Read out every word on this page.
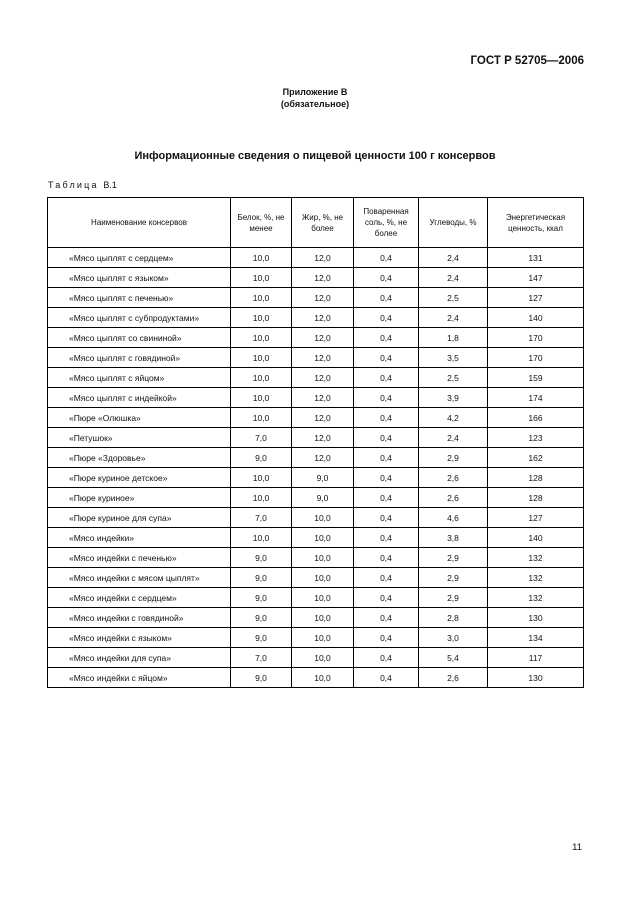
ГОСТ Р 52705—2006
Приложение В
(обязательное)
Информационные сведения о пищевой ценности 100 г консервов
Таблица В.1
Наименование консервов	Белок, %, не менее	Жир, %, не более	Поваренная соль, %, не более	Углеводы, %	Энергетическая ценность, ккал
«Мясо цыплят с сердцем»	10,0	12,0	0,4	2,4	131
«Мясо цыплят с языком»	10,0	12,0	0,4	2,4	147
«Мясо цыплят с печенью»	10,0	12,0	0,4	2,5	127
«Мясо цыплят с субпродуктами»	10,0	12,0	0,4	2,4	140
«Мясо цыплят со свининой»	10,0	12,0	0,4	1,8	170
«Мясо цыплят с говядиной»	10,0	12,0	0,4	3,5	170
«Мясо цыплят с яйцом»	10,0	12,0	0,4	2,5	159
«Мясо цыплят с индейкой»	10,0	12,0	0,4	3,9	174
«Пюре «Олюшка»	10,0	12,0	0,4	4,2	166
«Петушок»	7,0	12,0	0,4	2,4	123
«Пюре «Здоровье»	9,0	12,0	0,4	2,9	162
«Пюре куриное детское»	10,0	9,0	0,4	2,6	128
«Пюре куриное»	10,0	9,0	0,4	2,6	128
«Пюре куриное для супа»	7,0	10,0	0,4	4,6	127
«Мясо индейки»	10,0	10,0	0,4	3,8	140
«Мясо индейки с печенью»	9,0	10,0	0,4	2,9	132
«Мясо индейки с мясом цыплят»	9,0	10,0	0,4	2,9	132
«Мясо индейки с сердцем»	9,0	10,0	0,4	2,9	132
«Мясо индейки с говядиной»	9,0	10,0	0,4	2,8	130
«Мясо индейки с языком»	9,0	10,0	0,4	3,0	134
«Мясо индейки для супа»	7,0	10,0	0,4	5,4	117
«Мясо индейки с яйцом»	9,0	10,0	0,4	2,6	130
11
